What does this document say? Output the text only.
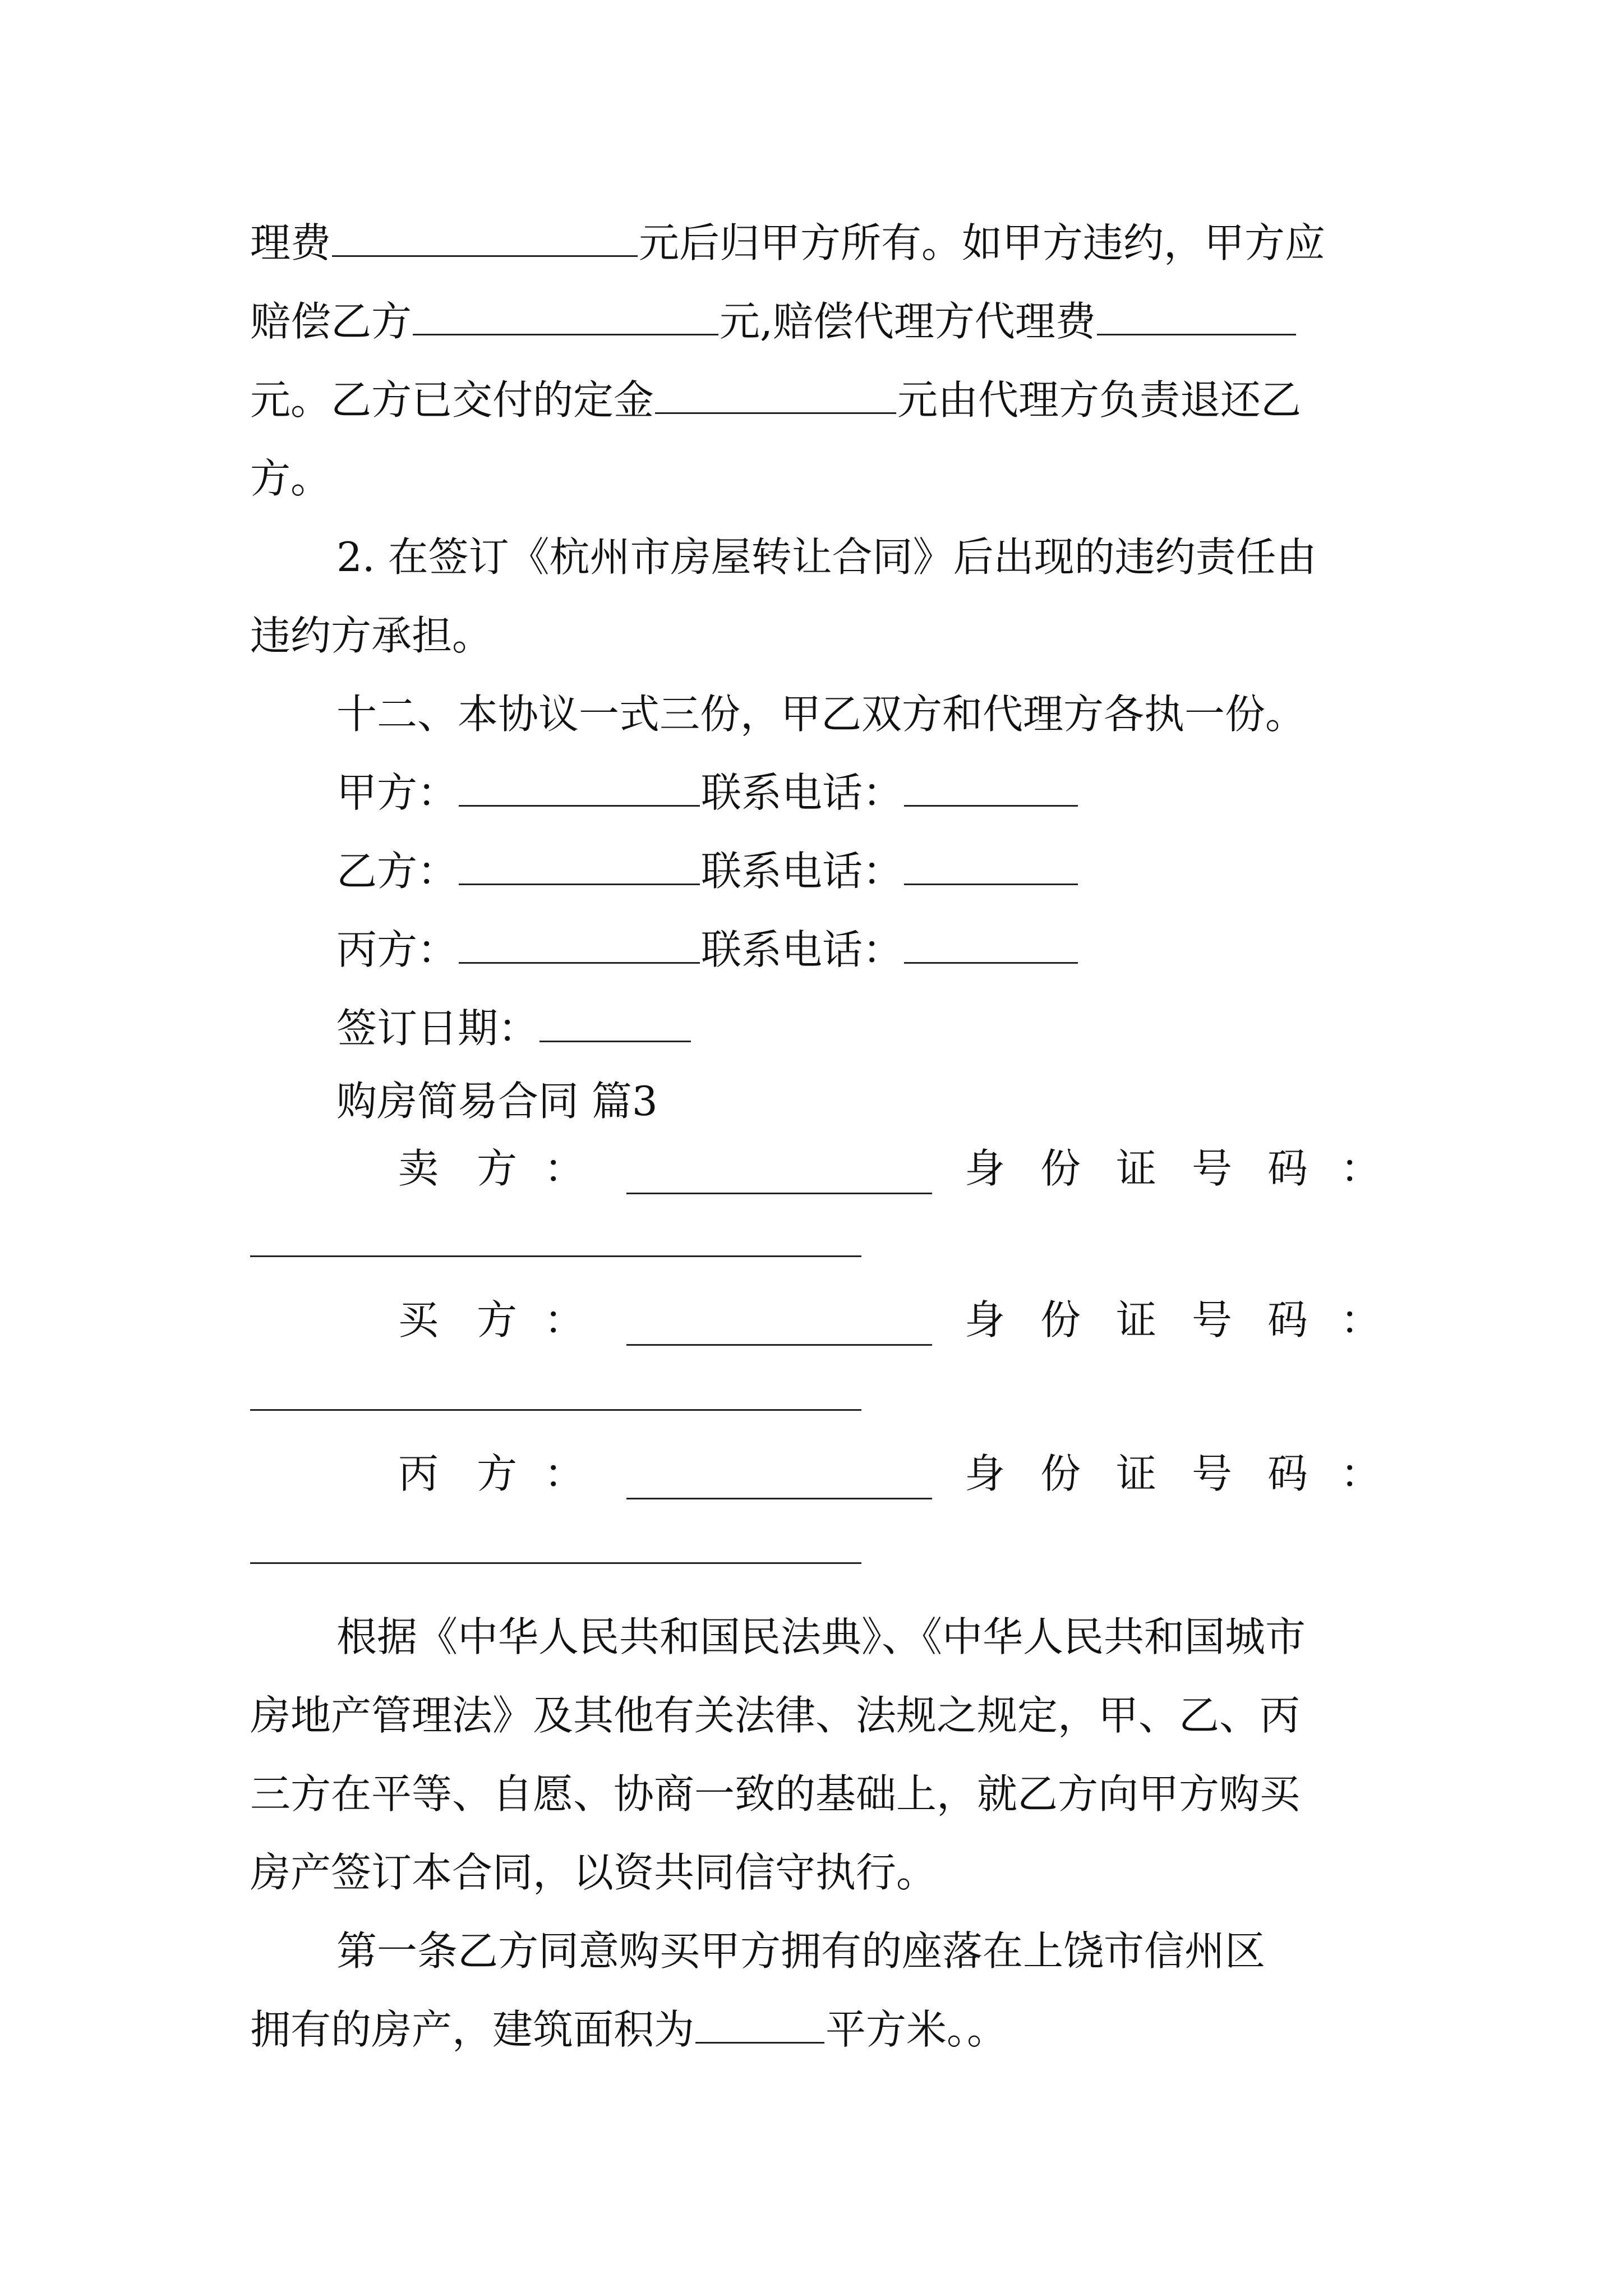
理费	元后归甲方所有。如甲方违约，甲方应
赔偿乙方	元,赔偿代理方代理费
元。乙方已交付的定金	元由代理方负责退还乙
方。
2. 在签订《杭州市房屋转让合同》后出现的违约责任由
违约方承担。
十二、本协议一式三份，甲乙双方和代理方各执一份。
甲方：	联系电话：
乙方：	联系电话：
丙方：	联系电话：
签订日期：
购房简易合同 篇3
卖 方 ：	身 份 证 号 码 ：
买 方 ：	身 份 证 号 码 ：
丙 方 ：	身 份 证 号 码 ：
根据《中华人民共和国民法典》、《中华人民共和国城市
房地产管理法》及其他有关法律、法规之规定，甲、乙、丙
三方在平等、自愿、协商一致的基础上，就乙方向甲方购买
房产签订本合同，以资共同信守执行。
第一条乙方同意购买甲方拥有的座落在上饶市信州区
拥有的房产，建筑面积为	平方米。。
